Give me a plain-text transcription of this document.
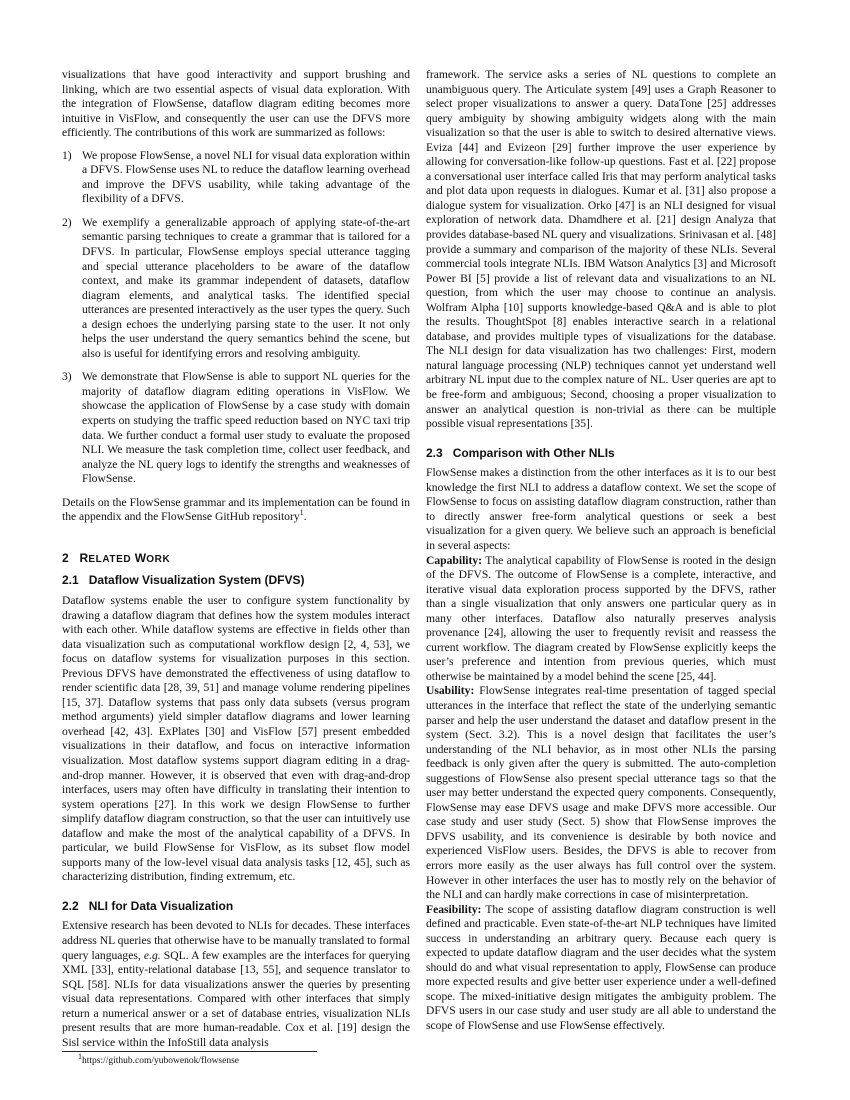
visualizations that have good interactivity and support brushing and linking, which are two essential aspects of visual data exploration. With the integration of FlowSense, dataflow diagram editing becomes more intuitive in VisFlow, and consequently the user can use the DFVS more efficiently. The contributions of this work are summarized as follows:

1) We propose FlowSense, a novel NLI for visual data exploration within a DFVS. FlowSense uses NL to reduce the dataflow learning overhead and improve the DFVS usability, while taking advantage of the flexibility of a DFVS.
2) We exemplify a generalizable approach of applying state-of-the-art semantic parsing techniques to create a grammar that is tailored for a DFVS. In particular, FlowSense employs special utterance tagging and special utterance placeholders to be aware of the dataflow context, and make its grammar independent of datasets, dataflow diagram elements, and analytical tasks. The identified special utterances are presented interactively as the user types the query. Such a design echoes the underlying parsing state to the user. It not only helps the user understand the query semantics behind the scene, but also is useful for identifying errors and resolving ambiguity.
3) We demonstrate that FlowSense is able to support NL queries for the majority of dataflow diagram editing operations in VisFlow. We showcase the application of FlowSense by a case study with domain experts on studying the traffic speed reduction based on NYC taxi trip data. We further conduct a formal user study to evaluate the proposed NLI. We measure the task completion time, collect user feedback, and analyze the NL query logs to identify the strengths and weaknesses of FlowSense.

Details on the FlowSense grammar and its implementation can be found in the appendix and the FlowSense GitHub repository$^1$.

2 RELATED WORK
2.1 Dataflow Visualization System (DFVS)

Dataflow systems enable the user to configure system functionality by drawing a dataflow diagram that defines how the system modules interact with each other. While dataflow systems are effective in fields other than data visualization such as computational workflow design [2, 4, 53], we focus on dataflow systems for visualization purposes in this section. Previous DFVS have demonstrated the effectiveness of using dataflow to render scientific data [28, 39, 51] and manage volume rendering pipelines [15, 37]. Dataflow systems that pass only data subsets (versus program method arguments) yield simpler dataflow diagrams and lower learning overhead [42, 43]. ExPlates [30] and VisFlow [57] present embedded visualizations in their dataflow, and focus on interactive information visualization. Most dataflow systems support diagram editing in a drag-and-drop manner. However, it is observed that even with drag-and-drop interfaces, users may often have difficulty in translating their intention to system operations [27]. In this work we design FlowSense to further simplify dataflow diagram construction, so that the user can intuitively use dataflow and make the most of the analytical capability of a DFVS. In particular, we build FlowSense for VisFlow, as its subset flow model supports many of the low-level visual data analysis tasks [12, 45], such as characterizing distribution, finding extremum, etc.

2.2 NLI for Data Visualization

Extensive research has been devoted to NLIs for decades. These interfaces address NL queries that otherwise have to be manually translated to formal query languages, e.g. SQL. A few examples are the interfaces for querying XML [33], entity-relational database [13, 55], and sequence translator to SQL [58]. NLIs for data visualizations answer the queries by presenting visual data representations. Compared with other interfaces that simply return a numerical answer or a set of database entries, visualization NLIs present results that are more human-readable. Cox et al. [19] design the Sisl service within the InfoStill data analysis

framework. The service asks a series of NL questions to complete an unambiguous query. The Articulate system [49] uses a Graph Reasoner to select proper visualizations to answer a query. DataTone [25] addresses query ambiguity by showing ambiguity widgets along with the main visualization so that the user is able to switch to desired alternative views. Eviza [44] and Evizeon [29] further improve the user experience by allowing for conversation-like follow-up questions. Fast et al. [22] propose a conversational user interface called Iris that may perform analytical tasks and plot data upon requests in dialogues. Kumar et al. [31] also propose a dialogue system for visualization. Orko [47] is an NLI designed for visual exploration of network data. Dhamdhere et al. [21] design Analyza that provides database-based NL query and visualizations. Srinivasan et al. [48] provide a summary and comparison of the majority of these NLIs. Several commercial tools integrate NLIs. IBM Watson Analytics [3] and Microsoft Power BI [5] provide a list of relevant data and visualizations to an NL question, from which the user may choose to continue an analysis. Wolfram Alpha [10] supports knowledge-based Q&A and is able to plot the results. ThoughtSpot [8] enables interactive search in a relational database, and provides multiple types of visualizations for the database. The NLI design for data visualization has two challenges: First, modern natural language processing (NLP) techniques cannot yet understand well arbitrary NL input due to the complex nature of NL. User queries are apt to be free-form and ambiguous; Second, choosing a proper visualization to answer an analytical question is non-trivial as there can be multiple possible visual representations [35].

2.3 Comparison with Other NLIs

FlowSense makes a distinction from the other interfaces as it is to our best knowledge the first NLI to address a dataflow context. We set the scope of FlowSense to focus on assisting dataflow diagram construction, rather than to directly answer free-form analytical questions or seek a best visualization for a given query. We believe such an approach is beneficial in several aspects:

Capability: The analytical capability of FlowSense is rooted in the design of the DFVS. The outcome of FlowSense is a complete, interactive, and iterative visual data exploration process supported by the DFVS, rather than a single visualization that only answers one particular query as in many other interfaces. Dataflow also naturally preserves analysis provenance [24], allowing the user to frequently revisit and reassess the current workflow. The diagram created by FlowSense explicitly keeps the user’s preference and intention from previous queries, which must otherwise be maintained by a model behind the scene [25, 44].

Usability: FlowSense integrates real-time presentation of tagged special utterances in the interface that reflect the state of the underlying semantic parser and help the user understand the dataset and dataflow present in the system (Sect. 3.2). This is a novel design that facilitates the user’s understanding of the NLI behavior, as in most other NLIs the parsing feedback is only given after the query is submitted. The auto-completion suggestions of FlowSense also present special utterance tags so that the user may better understand the expected query components. Consequently, FlowSense may ease DFVS usage and make DFVS more accessible. Our case study and user study (Sect. 5) show that FlowSense improves the DFVS usability, and its convenience is desirable by both novice and experienced VisFlow users. Besides, the DFVS is able to recover from errors more easily as the user always has full control over the system. However in other interfaces the user has to mostly rely on the behavior of the NLI and can hardly make corrections in case of misinterpretation.

Feasibility: The scope of assisting dataflow diagram construction is well defined and practicable. Even state-of-the-art NLP techniques have limited success in understanding an arbitrary query. Because each query is expected to update dataflow diagram and the user decides what the system should do and what visual representation to apply, FlowSense can produce more expected results and give better user experience under a well-defined scope. The mixed-initiative design mitigates the ambiguity problem. The DFVS users in our case study and user study are all able to understand the scope of FlowSense and use FlowSense effectively.

$^1$https://github.com/yubowenok/flowsense
